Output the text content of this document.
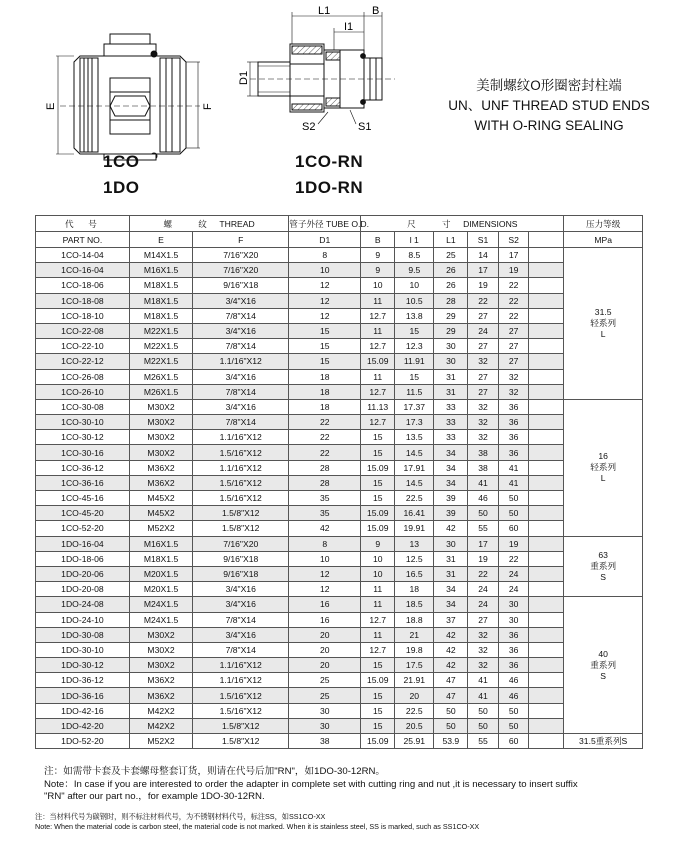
E	F
L1	B
I1
D1
S2	S1
1CO
1DO
1CO-RN
1DO-RN
美制螺纹O形圈密封柱端
UN、UNF THREAD STUD ENDS
WITH O-RING SEALING
代　号	螺　　纹 THREAD		管子外径 TUBE O.D.	尺　　寸 DIMENSIONS						压力等级
PART NO.	E	F	D1	B	l 1	L1	S1	S2		MPa
1CO-14-04	M14X1.5	7/16"X20	8	9	8.5	25	14	17		31.5
轻系列
L

1CO-16-04	M16X1.5	7/16"X20	10	9	9.5	26	17	19		
1CO-18-06	M18X1.5	9/16"X18	12	10	10	26	19	22		
1CO-18-08	M18X1.5	3/4"X16	12	11	10.5	28	22	22		
1CO-18-10	M18X1.5	7/8"X14	12	12.7	13.8	29	27	22		
1CO-22-08	M22X1.5	3/4"X16	15	11	15	29	24	27		
1CO-22-10	M22X1.5	7/8"X14	15	12.7	12.3	30	27	27		
1CO-22-12	M22X1.5	1.1/16"X12	15	15.09	11.91	30	32	27		
1CO-26-08	M26X1.5	3/4"X16	18	11	15	31	27	32		
1CO-26-10	M26X1.5	7/8"X14	18	12.7	11.5	31	27	32		
1CO-30-08	M30X2	3/4"X16	18	11.13	17.37	33	32	36		16
轻系列
L

1CO-30-10	M30X2	7/8"X14	22	12.7	17.3	33	32	36		
1CO-30-12	M30X2	1.1/16"X12	22	15	13.5	33	32	36		
1CO-30-16	M30X2	1.5/16"X12	22	15	14.5	34	38	36		
1CO-36-12	M36X2	1.1/16"X12	28	15.09	17.91	34	38	41		
1CO-36-16	M36X2	1.5/16"X12	28	15	14.5	34	41	41		
1CO-45-16	M45X2	1.5/16"X12	35	15	22.5	39	46	50		
1CO-45-20	M45X2	1.5/8"X12	35	15.09	16.41	39	50	50		
1CO-52-20	M52X2	1.5/8"X12	42	15.09	19.91	42	55	60		
1DO-16-04	M16X1.5	7/16"X20	8	9	13	30	17	19		63
重系列
S

1DO-18-06	M18X1.5	9/16"X18	10	10	12.5	31	19	22		
1DO-20-06	M20X1.5	9/16"X18	12	10	16.5	31	22	24		
1DO-20-08	M20X1.5	3/4"X16	12	11	18	34	24	24		
1DO-24-08	M24X1.5	3/4"X16	16	11	18.5	34	24	30		40
重系列
S

1DO-24-10	M24X1.5	7/8"X14	16	12.7	18.8	37	27	30		
1DO-30-08	M30X2	3/4"X16	20	11	21	42	32	36		
1DO-30-10	M30X2	7/8"X14	20	12.7	19.8	42	32	36		
1DO-30-12	M30X2	1.1/16"X12	20	15	17.5	42	32	36		
1DO-36-12	M36X2	1.1/16"X12	25	15.09	21.91	47	41	46		
1DO-36-16	M36X2	1.5/16"X12	25	15	20	47	41	46		
1DO-42-16	M42X2	1.5/16"X12	30	15	22.5	50	50	50		
1DO-42-20	M42X2	1.5/8"X12	30	15	20.5	50	50	50		
1DO-52-20	M52X2	1.5/8"X12	38	15.09	25.91	53.9	55	60		31.5重系列S
注：如需带卡套及卡套螺母整套订货，则请在代号后加"RN"，如1DO-30-12RN。
Note：In case if you are interested to order the adapter in complete set with cutting ring and nut ,it is necessary to insert suffix
"RN" after our part no.，for example 1DO-30-12RN.
注：当材料代号为碳钢时，则不标注材料代号，为不锈钢材料代号，标注SS，如SS1CO-XX
Note: When the material code is carbon steel, the material code is not marked. When it is stainless steel, SS is marked, such as SS1CO-XX
